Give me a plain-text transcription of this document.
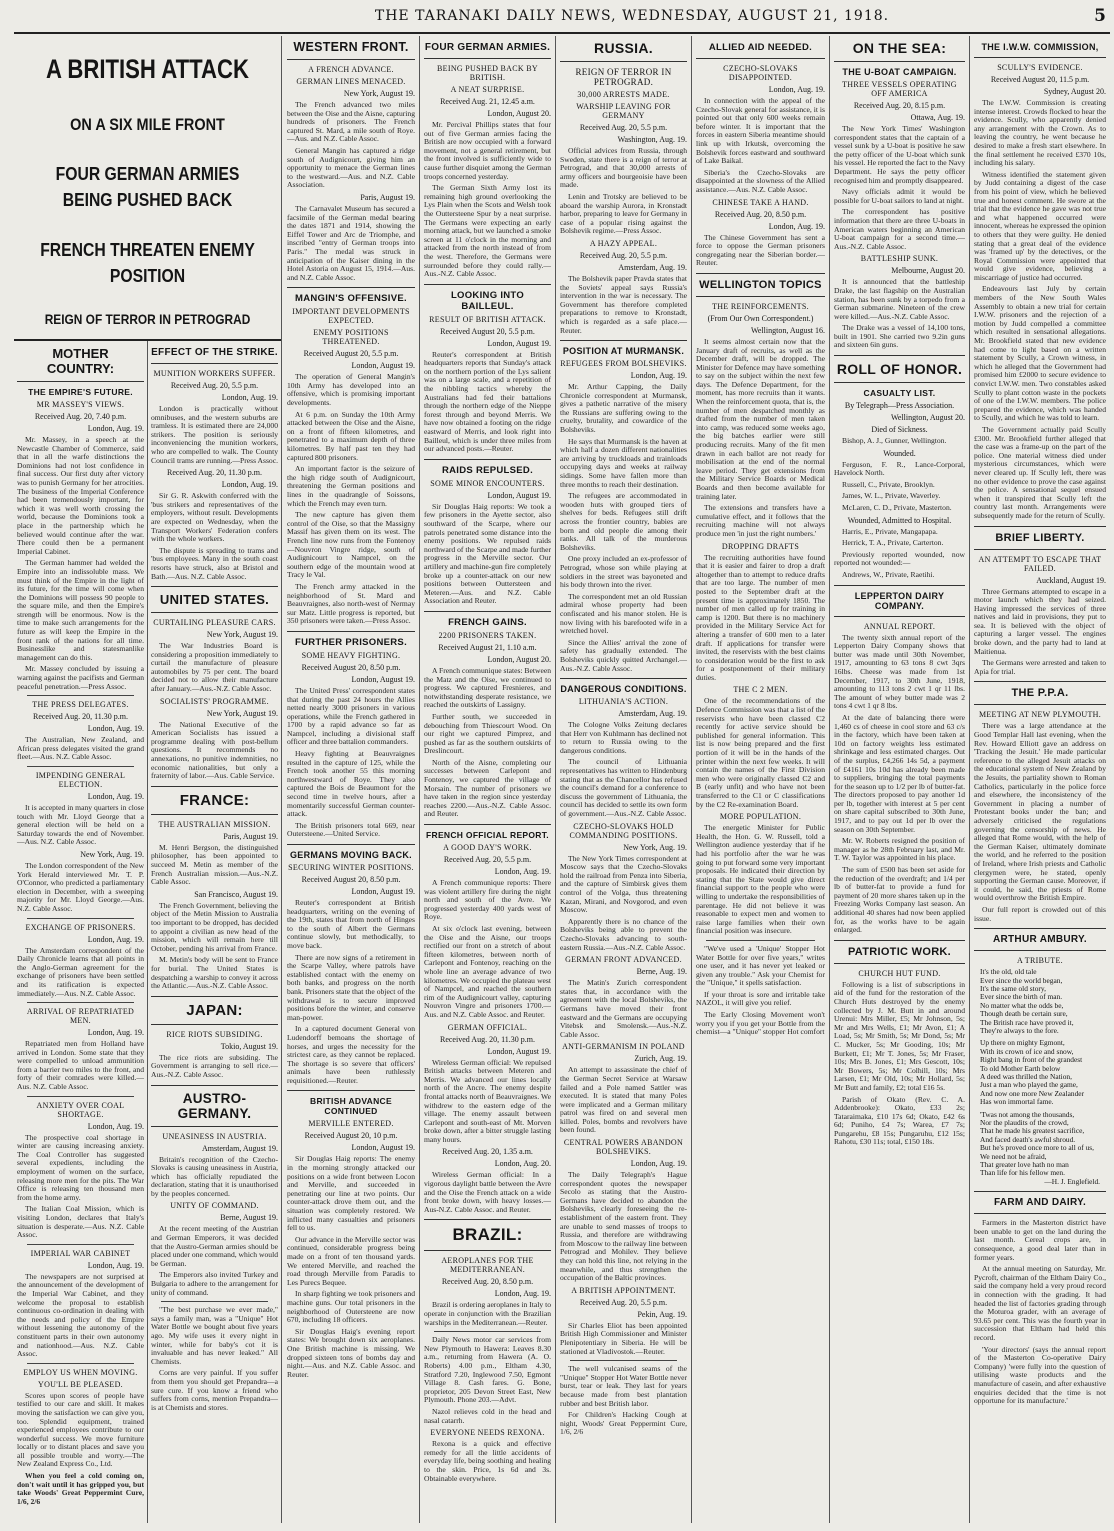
THE TARANAKI DAILY NEWS, WEDNESDAY, AUGUST 21, 1918.	5
A BRITISH ATTACK
ON A SIX MILE FRONT
FOUR GERMAN ARMIES BEING PUSHED BACK
FRENCH THREATEN ENEMY POSITION
REIGN OF TERROR IN PETROGRAD
MOTHER COUNTRY:
THE EMPIRE'S FUTURE.
MR MASSEY'S VIEWS.
Received Aug. 20, 7.40 p.m.
London, Aug. 19.

Mr. Massey, in a speech at the Newcastle Chamber of Commerce, said that in all the warfe distinctions the Dominions had not lost confidence in final success. Our first duty after victory was to punish Germany for her atrocities. The business of the Imperial Conference had been tremendously important, for which it was well worth crossing the world, because the Dominions took a place in the partnership which he believed would continue after the war. There could then be a permanent Imperial Cabinet.

The German hammer had welded the Empire into an indissoluble mass. We must think of the Empire in the light of its future, for the time will come when the Dominions will possess 90 people to the square mile, and then the Empire's strength will be enormous. Now is the time to make such arrangements for the future as will keep the Empire in the front rank of the nations for all time. Businesslike and statesmanlike management can do this.

Mr. Massey concluded by issuing a warning against the pacifists and German peaceful penetration.—Press Assoc.

THE PRESS DELEGATES.
Received Aug. 20, 11.30 p.m.
London, Aug. 19.

The Australian, New Zealand, and African press delegates visited the grand fleet.—Aus. N.Z. Cable Assoc.

IMPENDING GENERAL ELECTION.
London, Aug. 19.

It is accepted in many quarters in close touch with Mr. Lloyd George that a general election will be held on a Saturday towards the end of November.—Aus. N.Z. Cable Assoc.

New York, Aug. 19.

The London correspondent of the New York Herald interviewed Mr. T. P. O'Connor, who predicted a parliamentary election in December, with a sweeping majority for Mr. Lloyd George.—Aus. N.Z. Cable Assoc.

EXCHANGE OF PRISONERS.
London, Aug. 19.

The Amsterdam correspondent of the Daily Chronicle learns that all points in the Anglo-German agreement for the exchange of prisoners have been settled and its ratification is expected immediately.—Aus. N.Z. Cable Assoc.

ARRIVAL OF REPATRIATED MEN.
London, Aug. 19.

Repatriated men from Holland have arrived in London. Some state that they were compelled to unload ammunition from a barrier two miles to the front, and forty of their comrades were killed.—Aus. N.Z. Cable Assoc.

ANXIETY OVER COAL SHORTAGE.
London, Aug. 19.

The prospective coal shortage in winter are causing increasing anxiety. The Coal Controller has suggested several expedients, including the employment of women on the surface, releasing more men for the pits. The War Office is releasing ten thousand men from the home army.

The Italian Coal Mission, which is visiting London, declares that Italy's situation is desperate.—Aus. N.Z. Cable Assoc.

IMPERIAL WAR CABINET
London, Aug. 19.

The newspapers are not surprised at the announcement of the development of the Imperial War Cabinet, and they welcome the proposal to establish continuous co-ordination in dealing with the needs and policy of the Empire without lessening the autonomy of the constituent parts in their own autonomy and nationhood.—Aus. N.Z. Cable Assoc.

EMPLOY US WHEN MOVING.
YOU'LL BE PLEASED.

Scores upon scores of people have testified to our care and skill. It makes moving the satisfaction we can give you, too. Splendid equipment, trained experienced employees contribute to our wonderful success. We move furniture locally or to distant places and save you all possible trouble and worry.—The New Zealand Express Co., Ltd.

When you feel a cold coming on, don't wait until it has gripped you, but take Woods' Great Peppermint Cure, 1/6, 2/6

EFFECT OF THE STRIKE.
MUNITION WORKERS SUFFER.
Received Aug. 20, 5.5 p.m.
London, Aug. 19.

London is practically without omnibuses, and the western suburbs are tramless. It is estimated there are 24,000 strikers. The position is seriously inconveniencing the munition workers, who are compelled to walk. The County Council trams are running.—Press Assoc.

Received Aug. 20, 11.30 p.m.
London, Aug. 19.

Sir G. R. Askwith conferred with the 'bus strikers and representatives of the employers, without result. Developments are expected on Wednesday, when the Transport Workers' Federation confers with the whole workers.

The dispute is spreading to trams and 'bus employees. Many in the south coast resorts have struck, also at Bristol and Bath.—Aus. N.Z. Cable Assoc.

UNITED STATES.
CURTAILING PLEASURE CARS.
New York, August 19.

The War Industries Board is considering a proposition immediately to curtail the manufacture of pleasure automobiles by 75 per cent. The board decided not to allow their manufacture after January.—Aus.-N.Z. Cable Assoc.

SOCIALISTS' PROGRAMME.
New York, August 19.

The National Executive of the American Socialists has issued a programme dealing with post-bellum questions. It recommends no annexations, no punitive indemnities, no economic nationalities, but only a fraternity of labor.—Aus. Cable Service.

FRANCE:
THE AUSTRALIAN MISSION.
Paris, August 19.

M. Henri Bergson, the distinguished philosopher, has been appointed to succeed M. Metin as member of the French Australian mission.—Aus.-N.Z. Cable Assoc.

San Francisco, August 19.

The French Government, believing the object of the Metin Mission to Australia too important to be dropped, has decided to appoint a civilian as new head of the mission, which will remain here till October, pending his arrival from France.

M. Metin's body will be sent to France for burial. The United States is despatching a warship to convey it across the Atlantic.—Aus.-N.Z. Cable Assoc.

JAPAN:
RICE RIOTS SUBSIDING.
Tokio, August 19.

The rice riots are subsiding. The Government is arranging to sell rice.—Aus.-N.Z. Cable Assoc.

AUSTRO-GERMANY.
UNEASINESS IN AUSTRIA.
Amsterdam, August 19.

Britain's recognition of the Czecho-Slovaks is causing uneasiness in Austria, which has officially repudiated the declaration, stating that it is unauthorised by the peoples concerned.

UNITY OF COMMAND.
Berne, August 19.

At the recent meeting of the Austrian and German Emperors, it was decided that the Austro-German armies should be placed under one command, which would be German.

The Emperors also invited Turkey and Bulgaria to adhere to the arrangement for unity of command.

"The best purchase we ever made," says a family man, was a "Unique" Hot Water Bottle we bought about five years ago. My wife uses it every night in winter, while for baby's cot it is invaluable and has never leaked." All Chemists.

Corns are very painful. If you suffer from them you should get Prepandra—a sure cure. If you know a friend who suffers from corns, mention Prepandra—is at Chemists and stores.

WESTERN FRONT.
A FRENCH ADVANCE.
GERMAN LINES MENACED.
New York, August 19.

The French advanced two miles between the Oise and the Aisne, capturing hundreds of prisoners. The French captured St. Mard, a mile south of Roye.—Aus. and N.Z. Cable Assoc.

General Mangin has captured a ridge south of Audignicourt, giving him an opportunity to menace the German lines to the westward.—Aus. and N.Z. Cable Association.

Paris, August 19.

The Carnavalet Museum has secured a facsimile of the German medal bearing the dates 1871 and 1914, showing the Eiffel Tower and Arc de Triomphe, and inscribed "entry of German troops into Paris." The medal was struck in anticipation of the Kaiser dining in the Hotel Astoria on August 15, 1914.—Aus. and N.Z. Cable Assoc.

MANGIN'S OFFENSIVE.
IMPORTANT DEVELOPMENTS EXPECTED.
ENEMY POSITIONS THREATENED.
Received August 20, 5.5 p.m.
London, August 19.

The operation of General Mangin's 10th Army has developed into an offensive, which is promising important developments.

At 6 p.m. on Sunday the 10th Army attacked between the Oise and the Aisne, on a front of fifteen kilometres, and penetrated to a maximum depth of three kilometres. By half past ten they had captured 800 prisoners.

An important factor is the seizure of the high ridge south of Audignicourt, threatening the German positions and lines in the quadrangle of Soissons, which the French may even turn.

The new capture has given them control of the Oise, so that the Massigny Massif has given them on its west. The French line now runs from the Fontenoy—Nouvron Vingre ridge, south of Audignicourt to Nampcel, on the southern edge of the mountain wood at Tracy le Val.

The French army attacked in the neighborhood of St. Mard and Beauvraignes, also north-west of Nermay sur Matz. Little progress is reported, but 350 prisoners were taken.—Press Assoc.

FURTHER PRISONERS.
SOME HEAVY FIGHTING.
Received August 20, 8.50 p.m.
London, August 19.

The United Press' correspondent states that during the past 24 hours the Allies netted nearly 3000 prisoners in various operations, while the French gathered in 1700 by a rapid advance so far as Nampcel, including a divisional staff officer and three battalion commanders.

Heavy fighting at Beauvraignes resulted in the capture of 125, while the French took another 55 this morning northwestward of Roye. They also captured the Bois de Beaumont for the second time in twelve hours, after a momentarily successful German counter-attack.

The British prisoners total 669, near Outersteene.—United Service.

GERMANS MOVING BACK.
SECURING WINTER POSITIONS.
Received August 20, 8.50 p.m.
London, August 19.

Reuter's correspondent at British headquarters, writing on the evening of the 19th, states that from north of Hinges to the south of Albert the Germans continue slowly, but methodically, to move back.

There are now signs of a retirement in the Scarpe Valley, where patrols have established contact with the enemy on both banks, and progress on the north bank. Prisoners state that the object of the withdrawal is to secure improved positions before the winter, and conserve man-power.

In a captured document General von Ludendorff bemoans the shortage of horses, and urges the necessity for the strictest care, as they cannot be replaced. The shortage is so severe that officers' animals have been ruthlessly requisitioned.—Reuter.

BRITISH ADVANCE CONTINUED
MERVILLE ENTERED.
Received August 20, 10 p.m.
London, August 19.

Sir Douglas Haig reports: The enemy in the morning strongly attacked our positions on a wide front between Locon and Merville, and succeeded in penetrating our line at two points. Our counter-attack drove them out, and the situation was completely restored. We inflicted many casualties and prisoners fell to us.

Our advance in the Merville sector was continued, considerable progress being made on a front of ten thousand yards. We entered Merville, and reached the road through Merville from Paradis to Les Purecs Bequee.

In sharp fighting we took prisoners and machine guns. Our total prisoners in the neighborhood of Outersteene are now 670, including 18 officers.

Sir Douglas Haig's evening report states: We brought down six aeroplanes. One British machine is missing. We dropped sixteen tons of bombs day and night.—Aus. and N.Z. Cable Assoc. and Reuter.

FOUR GERMAN ARMIES.
BEING PUSHED BACK BY BRITISH.
A NEAT SURPRISE.
Received Aug. 21, 12.45 a.m.
London, August 20.

Mr. Percival Phillips states that four out of five German armies facing the British are now occupied with a forward movement, not a general retirement, but the front involved is sufficiently wide to cause further disquiet among the German troops concerned yesterday.

The German Sixth Army lost its remaining high ground overlooking the Lys Plain when the Scots and Welsh took the Outtersteene Spur by a neat surprise. The Germans were expecting an early morning attack, but we launched a smoke screen at 11 o'clock in the morning and attacked from the north instead of from the west. Therefore, the Germans were surrounded before they could rally.—Aus.-N.Z. Cable Assoc.

LOOKING INTO BAILLEUL.
RESULT OF BRITISH ATTACK.
Received August 20, 5.5 p.m.
London, August 19.

Reuter's correspondent at British headquarters reports that Sunday's attack on the northern portion of the Lys salient was on a large scale, and a repetition of the nibbling tactics whereby the Australians had fed their battalions through the northern edge of the Nieppe forest through and beyond Merris. We have now obtained a footing on the ridge eastward of Merris, and look right into Bailleul, which is under three miles from our advanced posts.—Reuter.

RAIDS REPULSED.
SOME MINOR ENCOUNTERS.
London, August 19.

Sir Douglas Haig reports: We took a few prisoners in the Ayette sector, also southward of the Scarpe, where our patrols penetrated some distance into the enemy positions. We repulsed raids northward of the Scarpe and made further progress in the Merville sector. Our artillery and machine-gun fire completely broke up a counter-attack on our new positions between Outtersteen and Meteren.—Aus. and N.Z. Cable Association and Reuter.

FRENCH GAINS.
2200 PRISONERS TAKEN.
Received August 21, 1.10 a.m.
London, August 20.

A French communique states: Between the Matz and the Oise, we continued to progress. We captured Fresnieres, and notwithstanding desperate resistance, we reached the outskirts of Lassigny.

Further south, we succeeded in debouching from Thiescourt Wood. On our right we captured Pimprez, and pushed as far as the southern outskirts of Dreslincourt.

North of the Aisne, completing our successes between Carlepont and Fontenoy, we captured the village of Morsain. The number of prisoners we have taken in the region since yesterday reaches 2200.—Aus.-N.Z. Cable Assoc. and Reuter.

FRENCH OFFICIAL REPORT.
A GOOD DAY'S WORK.
Received Aug. 20, 5.5 p.m.
London, Aug. 19.

A French communique reports: There was violent artillery fire during the night north and south of the Avre. We progressed yesterday 400 yards west of Roye.

At six o'clock last evening, between the Oise and the Aisne, our troops rectified our front on a stretch of about fifteen kilometres, between north of Carlepont and Fontenoy, reaching on the whole line an average advance of two kilometres. We occupied the plateau west of Nampcel, and reached the southern rim of the Audignicourt valley, capturing Nouvron Vingre and prisoners 1700.—Aus. and N.Z. Cable Assoc. and Reuter.

GERMAN OFFICIAL.
Received Aug. 20, 11.30 p.m.
London, August 19.

Wireless German official: We repulsed British attacks between Meteren and Merris. We advanced our lines locally north of the Ancre. The enemy despite frontal attacks north of Beauvraignes. We withdrew to the eastern edge of the village. The enemy assault between Carlepont and south-east of Mt. Morven broke down, after a bitter struggle lasting many hours.

Received Aug. 20, 1.35 a.m.
London, Aug. 20.

Wireless German official: In a vigorous daylight battle between the Avre and the Oise the French attack on a wide front broke down, with heavy losses.—Aus-N.Z. Cable Assoc. and Reuter.

BRAZIL:
AEROPLANES FOR THE MEDITERRANEAN.
Received Aug. 20, 8.50 p.m.
London, Aug. 19.

Brazil is ordering aeroplanes in Italy to operate in conjunction with the Brazilian warships in the Mediterranean.—Reuter.

Daily News motor car services from New Plymouth to Hawera: Leaves 8.30 a.m., returning from Hawera (A. O. Roberts) 4.00 p.m., Eltham 4.30, Stratford 7.20, Inglewood 7.50, Egmont Village 8. Cash fares. G. Bone, proprietor, 205 Devon Street East, New Plymouth. Phone 203.—Advt.

Nazol relieves cold in the head and nasal catarrh.

EVERYONE NEEDS REXONA.

Rexona is a quick and effective remedy for all the little accidents of everyday life, being soothing and healing to the skin. Price, 1s 6d and 3s. Obtainable everywhere.

RUSSIA.
REIGN OF TERROR IN PETROGRAD.
30,000 ARRESTS MADE.
WARSHIP LEAVING FOR GERMANY
Received Aug. 20, 5.5 p.m.
Washington, Aug. 19.

Official advices from Russia, through Sweden, state there is a reign of terror at Petrograd, and that 30,000 arrests of army officers and bourgeoisie have been made.

Lenin and Trotsky are believed to be aboard the warship Aurora, in Kronstadt harbor, preparing to leave for Germany in case of a popular rising against the Bolshevik regime.—Press Assoc.

A HAZY APPEAL.
Received Aug. 20, 5.5 p.m.
Amsterdam, Aug. 19.

The Bolshevik paper Pravda states that the Soviets' appeal says Russia's intervention in the war is necessary. The Government has therefore completed preparations to remove to Kronstadt, which is regarded as a safe place.—Reuter.

POSITION AT MURMANSK.
REFUGEES FROM BOLSHEVIKS.
London, Aug. 19.

Mr. Arthur Capping, the Daily Chronicle correspondent at Murmansk, gives a pathetic narrative of the misery the Russians are suffering owing to the cruelty, brutality, and cowardice of the Bolsheviks.

He says that Murmansk is the haven at which half a dozen different nationalities are arriving by truckloads and trainloads occupying days and weeks at railway sidings. Some have fallen more than three months to reach their destination.

The refugees are accommodated in wooden huts with grouped tiers of shelves for beds. Refugees still drift across the frontier country, babies are born and old people die among their ranks. All talk of the murderous Bolsheviks.

One proxy included an ex-professor of Petrograd, whose son while playing at soldiers in the street was bayoneted and his body thrown into the river.

The correspondent met an old Russian admiral whose property had been confiscated and his manor stolen. He is now living with his barefooted wife in a wretched hovel.

Since the Allies' arrival the zone of safety has gradually extended. The Bolsheviks quickly quitted Archangel.—Aus.-N.Z. Cable Assoc.

DANGEROUS CONDITIONS.
LITHUANIA'S ACTION.
Amsterdam, Aug. 19.

The Cologne Volks Zeitung declares that Herr von Kuhlmann has declined not to return to Russia owing to the dangerous conditions.

The council of Lithuania representatives has written to Hindenburg stating that as the Chancellor has refused the council's demand for a conference to discuss the government of Lithuania, the council has decided to settle its own form of government.—Aus.-N.Z. Cable Assoc.

CZECHO-SLOVAKS HOLD COMMANDING POSITIONS.
New York, Aug. 19.

The New York Times correspondent at Moscow says that the Czecho-Slovaks hold the railroad from Penza into Siberia, and the capture of Simbirsk gives them control of the Volga, thus threatening Kazan, Mirani, and Novgorod, and even Moscow.

Apparently there is no chance of the Bolsheviks being able to prevent the Czecho-Slovaks advancing to south-eastern Russia.—Aus.-N.Z. Cable Assoc.

GERMAN FRONT ADVANCED.
Berne, Aug. 19.

The Matin's Zurich correspondent states that, in accordance with the agreement with the local Bolsheviks, the Germans have moved their front eastward and the Germans are occupying Vitebsk and Smolensk.—Aus.-N.Z. Cable Assoc.

ANTI-GERMANISM IN POLAND
Zurich, Aug. 19.

An attempt to assassinate the chief of the German Secret Service at Warsaw failed and a Pole named Sattler was executed. It is stated that many Poles were implicated and a German military patrol was fired on and several men killed. Poles, bombs and revolvers have been found.

CENTRAL POWERS ABANDON BOLSHEVIKS.
London, Aug. 19.

The Daily Telegraph's Hague correspondent quotes the newspaper Secolo as stating that the Austro-Germans have decided to abandon the Bolsheviks, clearly foreseeing the re-establishment of the eastern front. They are unable to send masses of troops to Russia, and therefore are withdrawing from Moscow to the railway line between Petrograd and Mohilev. They believe they can hold this line, not relying in the meanwhile, and thus strengthen the occupation of the Baltic provinces.

A BRITISH APPOINTMENT.
Received Aug. 20, 5.5 p.m.
Pekin, Aug. 19.

Sir Charles Eliot has been appointed British High Commissioner and Minister Plenipotentiary in Siberia. He will be stationed at Vladivostok.—Reuter.

The well vulcanised seams of the "Unique" Stopper Hot Water Bottle never burst, tear or leak. They last for years because made from best plantation rubber and best British labor.

For Children's Hacking Cough at night, Woods' Great Peppermint Cure, 1/6, 2/6

ALLIED AID NEEDED.
CZECHO-SLOVAKS DISAPPOINTED.
London, Aug. 19.

In connection with the appeal of the Czecho-Slovak general for assistance, it is pointed out that only 600 weeks remain before winter. It is important that the forces in eastern Siberia meantime should link up with Irkutsk, overcoming the Bolshevik forces eastward and southward of Lake Baikal.

Siberia's the Czecho-Slovaks are disappointed at the slowness of the Allied assistance.—Aus. N.Z. Cable Assoc.

CHINESE TAKE A HAND.
Received Aug. 20, 8.50 p.m.
London, Aug. 19.

The Chinese Government has sent a force to oppose the German prisoners congregating near the Siberian border.—Reuter.

WELLINGTON TOPICS
THE REINFORCEMENTS.
(From Our Own Correspondent.)
Wellington, August 16.

It seems almost certain now that the January draft of recruits, as well as the December draft, will be dropped. The Minister for Defence may have something to say on the subject within the next few days. The Defence Department, for the moment, has more recruits than it wants. When the reinforcement quota, that is, the number of men despatched monthly as drafted from the number of men taken into camp, was reduced some weeks ago, the big batches earlier were still producing recruits. Many of the fit men drawn in each ballot are not ready for mobilisation at the end of the normal leave period. They get extensions from the Military Service Boards or Medical Boards and then become available for training later.

The extensions and transfers have a cumulative effect, and it follows that the recruiting machine will not always produce men 'in just the right numbers.'

DROPPING DRAFTS

The recruiting authorities have found that it is easier and fairer to drop a draft altogether than to attempt to reduce drafts that are too large. The number of men posted to the September draft at the present time is approximately 1850. The number of men called up for training in camp is 1200. But there is no machinery provided in the Military Service Act for altering a transfer of 600 men to a later draft. If applications for transfer were invited, the reservists with the best claims to consideration would be the first to ask for a postponement of their military duties.

THE C 2 MEN.

One of the recommendations of the Defence Commission was that a list of the reservists who have been classed C2 recently for active service should be published for general information. This list is now being prepared and the first portion of it will be in the hands of the printer within the next few weeks. It will contain the names of the First Division men who were originally classed C2 and B (early unfit) and who have not been transferred to the C1 or C classifications by the C2 Re-examination Board.

MORE POPULATION.

The energetic Minister for Public Health, the Hon. G. W. Russell, told a Wellington audience yesterday that if he had his portfolio after the war he was going to put forward some very important proposals. He indicated their direction by stating that the State would give direct financial support to the people who were willing to undertake the responsibilities of parentage. He did not believe it was reasonable to expect men and women to raise large families when their own financial position was insecure.

"We've used a 'Unique' Stopper Hot Water Bottle for over five years," writes one user, and it has never yet leaked or given any trouble." Ask your Chemist for the "Unique," it spells satisfaction.

If your throat is sore and irritable take NAZOL, it will give you relief.

The Early Closing Movement won't worry you if you get your Bottle from the chemist—a "Unique" stopper Hot comfort

ON THE SEA:
THE U-BOAT CAMPAIGN.
THREE VESSELS OPERATING OFF AMERICA
Received Aug. 20, 8.15 p.m.
Ottawa, Aug. 19.

The New York Times' Washington correspondent states that the captain of a vessel sunk by a U-boat is positive he saw the petty officer of the U-boat which sunk his vessel. He reported the fact to the Navy Department. He says the petty officer recognised him and promptly disappeared.

Navy officials admit it would be possible for U-boat sailors to land at night.

The correspondent has positive information that there are three U-boats in American waters beginning an American U-boat campaign for a second time.—Aus.-N.Z. Cable Assoc.

BATTLESHIP SUNK.
Melbourne, August 20.

It is announced that the battleship Drake, the last flagship on the Australian station, has been sunk by a torpedo from a German submarine. Nineteen of the crew were killed.—Aus.-N.Z. Cable Assoc.

The Drake was a vessel of 14,100 tons, built in 1901. She carried two 9.2in guns and sixteen 6in guns.

ROLL OF HONOR.
CASUALTY LIST.
By Telegraph—Press Association.
Wellington, August 20.
Died of Sickness.

Bishop, A. J., Gunner, Wellington.

Wounded.

Ferguson, F. R., Lance-Corporal, Havelock North.

Russell, C., Private, Brooklyn.

James, W. L., Private, Waverley.

McLaren, C. D., Private, Masterton.

Wounded, Admitted to Hospital.

Harris, E., Private, Mangapapa.

Herrick, T. A., Private, Carterton.

Previously reported wounded, now reported not wounded:—

Andrews, W., Private, Raetihi.

LEPPERTON DAIRY COMPANY.
ANNUAL REPORT.

The twenty sixth annual report of the Lepperton Dairy Company shows that butter was made until 30th November, 1917, amounting to 63 tons 8 cwt 3qrs 16lbs. Cheese was made from 1st December, 1917, to 30th June, 1918, amounting to 113 tons 2 cwt 1 qr 11 lbs. The amount of whey butter made was 2 tons 4 cwt 1 qr 8 lbs.

At the date of balancing there were 1,460 cs of cheese in cool store and 63 c/s in the factory, which have been taken at 10d on factory weights less estimated shrinkage and less estimated charges. Out of the surplus, £4,266 14s 5d, a payment of £4161 10s 10d has already been made to suppliers, bringing the total payments for the season up to 1/2 per lb of butter-fat. The directors proposed to pay another 1d per lb, together with interest at 5 per cent on share capital subscribed to 30th June, 1917, and to pay out 1d per lb over the season on 30th September.

Mr. W. Roberts resigned the position of manager as he 28th February last, and Mr. T. W. Taylor was appointed in his place.

The sum of £500 has been set aside for the reduction of the overdraft; and 1/4 per lb of butter-fat to provide a fund for payment of 20 more shares taken up in the Freezing Works Company last season. An additional 40 shares had now been applied for, as the works have to be again enlarged.

PATRIOTIC WORK.
CHURCH HUT FUND.

Following is a list of subscriptions in aid of the fund for the restoration of the Church Huts destroyed by the enemy collected by J. M. Butt in and around Urenui: Mrs Miller, £5; Mr Johnson, 5s; Mr and Mrs Wells, £1; Mr Avon, £1; A Load, 5s; Mr Smith, 5s; Mr Dond, 5s; Mr C. Mucker, 5s; Mr Gooding, 10s; Mr Burkett, £1; Mr T. Jones, 5s; Mr Fraser, 10s; Mrs B. Jones, £1; Mrs Gescott, 10s; Mr Bowers, 5s; Mr Colhill, 10s; Mrs Larsen, £1; Mr Old, 10s; Mr Hollard, 5s; Mr Butt and family, £2; total £16 5s.

Parish of Okato (Rev. C. A. Addenbrooke): Okato, £33 2s; Tataraimaka, £10 17s 6d; Okato, £42 6s 6d; Puniho, £4 7s; Warea, £7 7s; Pungarehu, £8 15s; Pungaruhu, £12 15s; Rahotu, £30 11s; total, £150 18s.

THE I.W.W. COMMISSION,
SCULLY'S EVIDENCE.
Received August 20, 11.5 p.m.
Sydney, August 20.

The I.W.W. Commission is creating intense interest. Crowds flocked to hear the evidence. Scully, who apparently denied any arrangement with the Crown. As to leaving the country, he went because he desired to make a fresh start elsewhere. In the final settlement he received £370 10s, including his salary.

Witness identified the statement given by Judd containing a digest of the case from his point of view, which he believed true and honest comment. He swore at the trial that the evidence he gave was not true and what happened occurred were innocent, whereas he expressed the opinion to others that they were guilty. He denied stating that a great deal of the evidence was 'framed up' by the detectives, or the Royal Commission were appointed that would give evidence, believing a miscarriage of justice had occurred.

Endeavours last July by certain members of the New South Wales Assembly to obtain a new trial for certain I.W.W. prisoners and the rejection of a motion by Judd compelled a committee which resulted in sensational allegations. Mr. Brookfield stated that new evidence had come to light based on a written statement by Scully, a Crown witness, in which he alleged that the Government had promised him £2000 to secure evidence to convict I.W.W. men. Two constables asked Scully to plant cotton waste in the pockets of one of the I.W.W. members. The police prepared the evidence, which was handed to Scully, and which he was told to learn.

The Government actually paid Scully £300. Mr. Brookfield further alleged that the case was a frame-up on the part of the police. One material witness died under mysterious circumstances, which were never cleared up. If Scully left, there was no other evidence to prove the case against the police. A sensational sequel ensued when it transpired that Scully left the country last month. Arrangements were subsequently made for the return of Scully.

BRIEF LIBERTY.
AN ATTEMPT TO ESCAPE THAT FAILED.
Auckland, August 19.

Three Germans attempted to escape in a motor launch which they had seized. Having impressed the services of three natives and laid in provisions, they put to sea. It is believed with the object of capturing a larger vessel. The engines broke down, and the party had to land at Maitienua.

The Germans were arrested and taken to Apia for trial.

THE P.P.A.
MEETING AT NEW PLYMOUTH.

There was a large attendance at the Good Templar Hall last evening, when the Rev. Howard Elliott gave an address on 'Tracking the Jesuit.' He made particular reference to the alleged Jesuit attacks on the educational system of New Zealand by the Jesuits, the partiality shown to Roman Catholics, particularly in the police force and elsewhere, the inconsistency of the Government in placing a number of Protestant books under the ban; and adversely criticised the regulations governing the censorship of news. He alleged that Rome would, with the help of the German Kaiser, ultimately dominate the world, and he referred to the position of Ireland, where Irish priests and Catholic clergymen were, he stated, openly supporting the German cause. Moreover, if it could, he said, the priests of Rome would overthrow the British Empire.

Our full report is crowded out of this issue.

ARTHUR AMBURY.
A TRIBUTE.
It's the old, old tale
Ever since the world began,
It's the same old story,
Ever since the birth of man.
No matter what the odds be,
Though death be certain sure,
The British race have proved it,
They're always to the fore.
Up there on mighty Egmont,
With its crown of ice and snow,
Right bang in front of the grandest
To old Mother Earth below
A deed was thrilled the Nation,
Just a man who played the game,
And now one more New Zealander
Has won immortal fame.
'Twas not among the thousands,
Nor the plaudits of the crowd,
That he made his greatest sacrifice,
And faced death's awful shroud.
But he's proved once more to all of us,
We need not be afraid,
That greater love hath no man
Than life for his fellow men.
—H. J. Englefield.
FARM AND DAIRY.

Farmers in the Masterton district have been unable to get on the land during the last month. Cereal crops are, in consequence, a good deal later than in former years.

At the annual meeting on Saturday, Mr. Pycroft, chairman of the Eltham Dairy Co., said the company held a very proud record in connection with the grading. It had headed the list of factories grading through the Moturoa grader, with an average of 93.65 per cent. This was the fourth year in succession that Eltham had held this record.

'Your directors' (says the annual report of the Masterton Co-operative Dairy Company) 'were fully into the question of utilising waste products and the manufacture of casein, and after exhaustive enquiries decided that the time is not opportune for its manufacture.'
